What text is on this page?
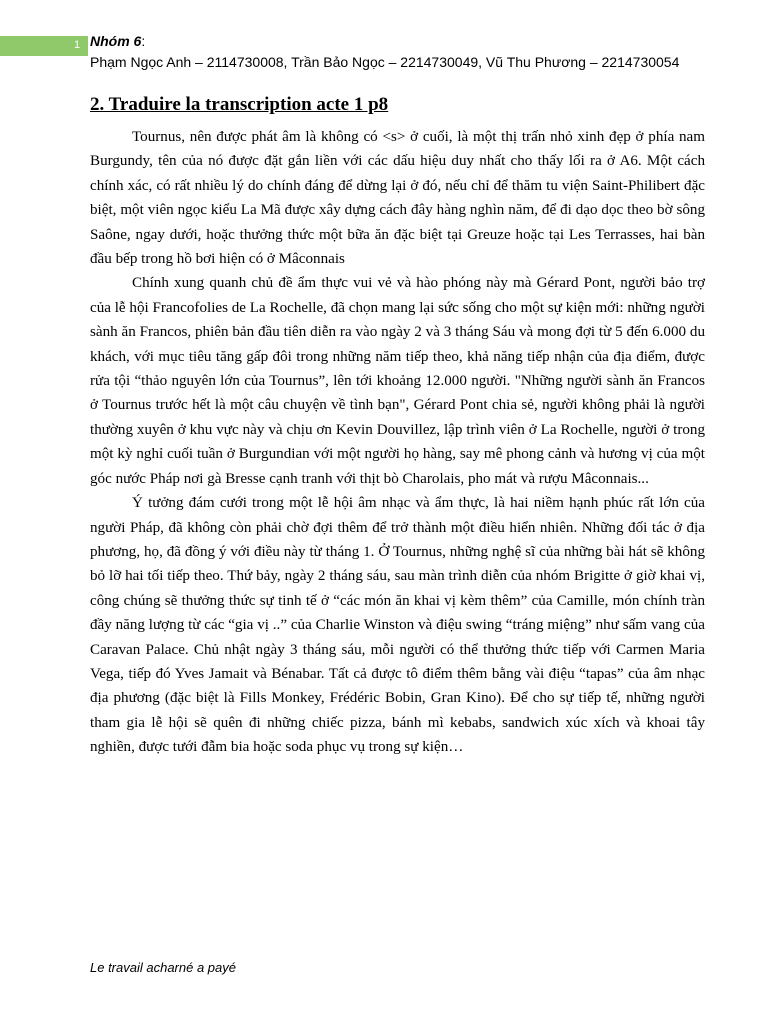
1 Nhóm 6:
Phạm Ngọc Anh – 2114730008, Trần Bảo Ngọc – 2214730049, Vũ Thu Phương – 2214730054
2. Traduire la transcription acte 1 p8

Tournus, nên được phát âm là không có <s> ở cuối, là một thị trấn nhỏ xinh đẹp ở phía nam Burgundy, tên của nó được đặt gắn liền với các dấu hiệu duy nhất cho thấy lối ra ở A6. Một cách chính xác, có rất nhiều lý do chính đáng để dừng lại ở đó, nếu chỉ để thăm tu viện Saint-Philibert đặc biệt, một viên ngọc kiểu La Mã được xây dựng cách đây hàng nghìn năm, để đi dạo dọc theo bờ sông Saône, ngay dưới, hoặc thưởng thức một bữa ăn đặc biệt tại Greuze hoặc tại Les Terrasses, hai bàn đầu bếp trong hồ bơi hiện có ở Mâconnais

Chính xung quanh chủ đề ẩm thực vui vẻ và hào phóng này mà Gérard Pont, người bảo trợ của lễ hội Francofolies de La Rochelle, đã chọn mang lại sức sống cho một sự kiện mới: những người sành ăn Francos, phiên bản đầu tiên diễn ra vào ngày 2 và 3 tháng Sáu và mong đợi từ 5 đến 6.000 du khách, với mục tiêu tăng gấp đôi trong những năm tiếp theo, khả năng tiếp nhận của địa điểm, được rửa tội “thảo nguyên lớn của Tournus”, lên tới khoảng 12.000 người. "Những người sành ăn Francos ở Tournus trước hết là một câu chuyện về tình bạn", Gérard Pont chia sẻ, người không phải là người thường xuyên ở khu vực này và chịu ơn Kevin Douvillez, lập trình viên ở La Rochelle, người ở trong một kỳ nghỉ cuối tuần ở Burgundian với một người họ hàng, say mê phong cảnh và hương vị của một góc nước Pháp nơi gà Bresse cạnh tranh với thịt bò Charolais, pho mát và rượu Mâconnais...

Ý tưởng đám cưới trong một lễ hội âm nhạc và ẩm thực, là hai niềm hạnh phúc rất lớn của người Pháp, đã không còn phải chờ đợi thêm để trở thành một điều hiển nhiên. Những đối tác ở địa phương, họ, đã đồng ý với điều này từ tháng 1. Ở Tournus, những nghệ sĩ của những bài hát sẽ không bỏ lỡ hai tối tiếp theo. Thứ bảy, ngày 2 tháng sáu, sau màn trình diễn của nhóm Brigitte ở giờ khai vị, công chúng sẽ thưởng thức sự tinh tế ở “các món ăn khai vị kèm thêm” của Camille, món chính tràn đầy năng lượng từ các “gia vị ..” của Charlie Winston và điệu swing “tráng miệng” như sấm vang của Caravan Palace. Chủ nhật ngày 3 tháng sáu, mỗi người có thể thưởng thức tiếp với Carmen Maria Vega, tiếp đó Yves Jamait và Bénabar. Tất cả được tô điểm thêm bằng vài điệu “tapas” của âm nhạc địa phương (đặc biệt là Fills Monkey, Frédéric Bobin, Gran Kino). Để cho sự tiếp tế, những người tham gia lễ hội sẽ quên đi những chiếc pizza, bánh mì kebabs, sandwich xúc xích và khoai tây nghiền, được tưới đẫm bia hoặc soda phục vụ trong sự kiện…

Le travail acharné a payé
